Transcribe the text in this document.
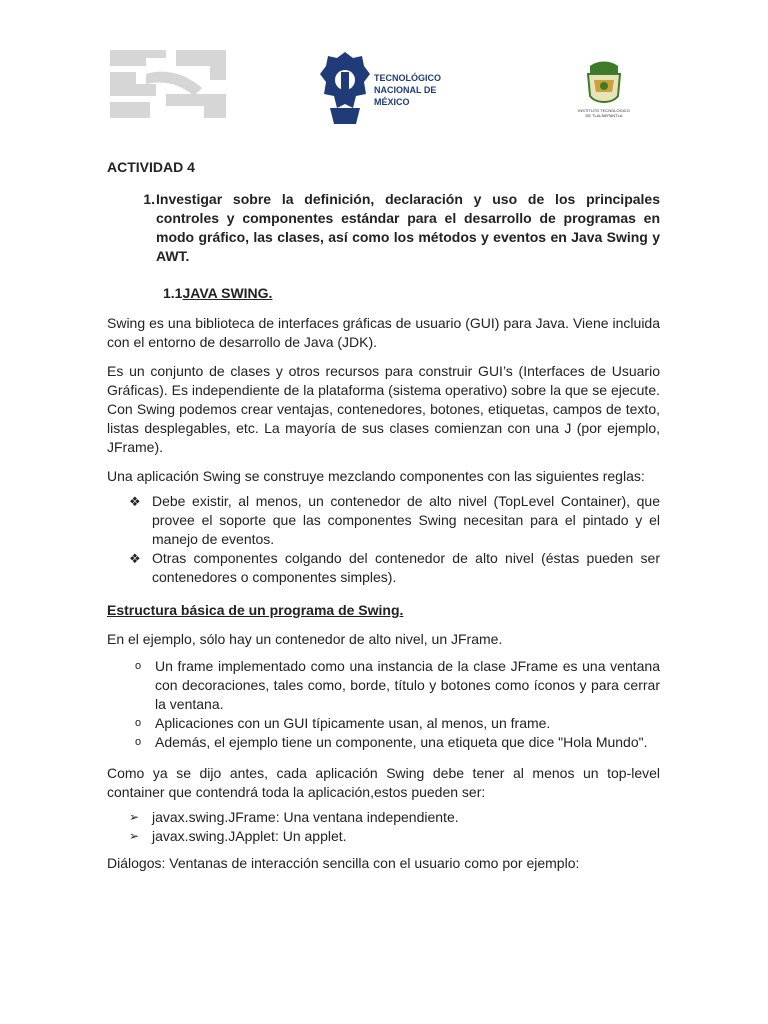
TECNOLÓGICO
NACIONAL DE MÉXICO
INSTITUTO TECNOLÓGICO DE TLALNEPANTLA
ACTIVIDAD 4
1. Investigar sobre la definición, declaración y uso de los principales controles y componentes estándar para el desarrollo de programas en modo gráfico, las clases, así como los métodos y eventos en Java Swing y AWT.
1.1JAVA SWING.

Swing es una biblioteca de interfaces gráficas de usuario (GUI) para Java. Viene incluida con el entorno de desarrollo de Java (JDK).

Es un conjunto de clases y otros recursos para construir GUI’s (Interfaces de Usuario Gráficas). Es independiente de la plataforma (sistema operativo) sobre la que se ejecute. Con Swing podemos crear ventajas, contenedores, botones, etiquetas, campos de texto, listas desplegables, etc. La mayoría de sus clases comienzan con una J (por ejemplo, JFrame).

Una aplicación Swing se construye mezclando componentes con las siguientes reglas:

❖ Debe existir, al menos, un contenedor de alto nivel (TopLevel Container), que provee el soporte que las componentes Swing necesitan para el pintado y el manejo de eventos.
❖ Otras componentes colgando del contenedor de alto nivel (éstas pueden ser contenedores o componentes simples).
Estructura básica de un programa de Swing.

En el ejemplo, sólo hay un contenedor de alto nivel, un JFrame.

o Un frame implementado como una instancia de la clase JFrame es una ventana con decoraciones, tales como, borde, título y botones como íconos y para cerrar la ventana.
o Aplicaciones con un GUI típicamente usan, al menos, un frame.
o Además, el ejemplo tiene un componente, una etiqueta que dice "Hola Mundo".

Como ya se dijo antes, cada aplicación Swing debe tener al menos un top-level container que contendrá toda la aplicación,estos pueden ser:

➢ javax.swing.JFrame: Una ventana independiente.
➢ javax.swing.JApplet: Un applet.

Diálogos: Ventanas de interacción sencilla con el usuario como por ejemplo:
